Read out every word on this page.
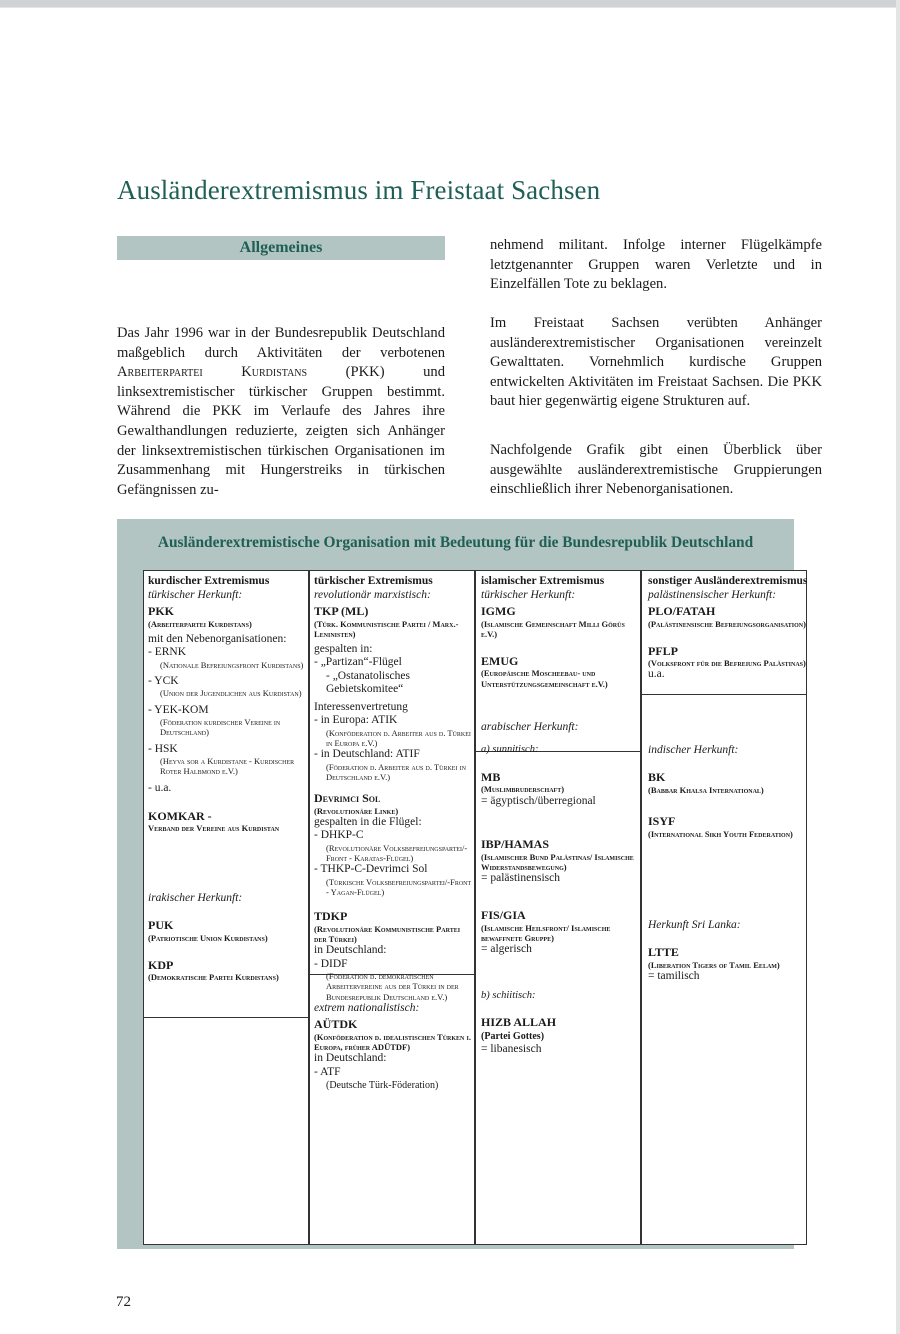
Ausländerextremismus im Freistaat Sachsen
Allgemeines

Das Jahr 1996 war in der Bundesrepublik Deutschland maßgeblich durch Aktivitäten der verbotenen Arbeiterpartei Kurdistans	(PKK) und linksextremistischer türkischer Gruppen bestimmt. Während die PKK im Verlaufe des Jahres ihre Gewalthandlungen reduzierte, zeigten sich Anhänger der linksextremistischen türkischen Organisationen im Zusammenhang mit Hungerstreiks in türkischen Gefängnissen zu-

nehmend militant. Infolge interner Flügelkämpfe letztgenannter Gruppen waren Verletzte und in Einzelfällen Tote zu beklagen.

Im Freistaat Sachsen verübten Anhänger ausländerextremistischer Organisationen vereinzelt Gewalttaten. Vornehmlich kurdische Gruppen entwickelten Aktivitäten im Freistaat Sachsen. Die PKK baut hier gegenwärtig eigene Strukturen auf.

Nachfolgende Grafik gibt einen Überblick über ausgewählte ausländerextremistische Gruppierungen einschließlich ihrer Nebenorganisationen.

Ausländerextremistische Organisation mit Bedeutung für die Bundesrepublik Deutschland
kurdischer Extremismus
türkischer Herkunft:
PKK
(Arbeiterpartei Kurdistans)
mit den Nebenorganisationen:
- ERNK
(Nationale Befreiungsfront Kurdistans)
- YCK
(Union der Jugendlichen aus Kurdistan)
- YEK-KOM
(Föderation kurdischer Vereine in Deutschland)
- HSK
(Heyva sor a Kurdistane - Kurdischer Roter Halbmond e.V.)
- u.a.
KOMKAR -
Verband der Vereine aus Kurdistan
irakischer Herkunft:
PUK
(Patriotische Union Kurdistans)
KDP
(Demokratische Partei Kurdistans)
türkischer Extremismus
revolutionär marxistisch:
TKP (ML)
(Türk. Kommunistische Partei / Marx.-Leninisten)
gespalten in:
- „Partizan“-Flügel
- „Ostanatolisches Gebietskomitee“
Interessenvertretung
- in Europa: ATIK
(Konföderation d. Arbeiter aus d. Türkei in Europa e.V.)
- in Deutschland: ATIF
(Föderation d. Arbeiter aus d. Türkei in Deutschland e.V.)
Devrimci Sol
(Revolutionäre Linke)
gespalten in die Flügel:
- DHKP-C
(Revolutionäre Volksbefreiungspartei/-Front - Karatas-Flügel)
- THKP-C-Devrimci Sol
(Türkische Volksbefreiungspartei/-Front - Yagan-Flügel)
TDKP
(Revolutionäre Kommunistische Partei der Türkei)
in Deutschland:
- DIDF
(Föderation d. demokratischen Arbeitervereine aus der Türkei in der Bundesrepublik Deutschland e.V.)
extrem nationalistisch:
AÜTDK
(Konföderation d. idealistischen Türken i. Europa, früher ADÜTDF)
in Deutschland:
- ATF
(Deutsche Türk-Föderation)
islamischer Extremismus
türkischer Herkunft:
IGMG
(Islamische Gemeinschaft Milli Görüs e.V.)
EMUG
(Europäische Moscheebau- und Unterstützungsgemeinschaft e.V.)
arabischer Herkunft:
a) sunnitisch:
MB
(Muslimbruderschaft)
= ägyptisch/überregional
IBP/HAMAS
(Islamischer Bund Palästinas/ Islamische Widerstandsbewegung)
= palästinensisch
FIS/GIA
(Islamische Heilsfront/ Islamische bewaffnete Gruppe)
= algerisch
b) schiitisch:
HIZB ALLAH
(Partei Gottes)
= libanesisch
sonstiger Ausländerextremismus
palästinensischer Herkunft:
PLO/FATAH
(Palästinensische Befreiungsorganisation)
PFLP
(Volksfront für die Befreiung Palästinas)
u.a.
indischer Herkunft:
BK
(Babbar Khalsa International)
ISYF
(International Sikh Youth Federation)
Herkunft Sri Lanka:
LTTE
(Liberation Tigers of Tamil Eelam)
= tamilisch
72
